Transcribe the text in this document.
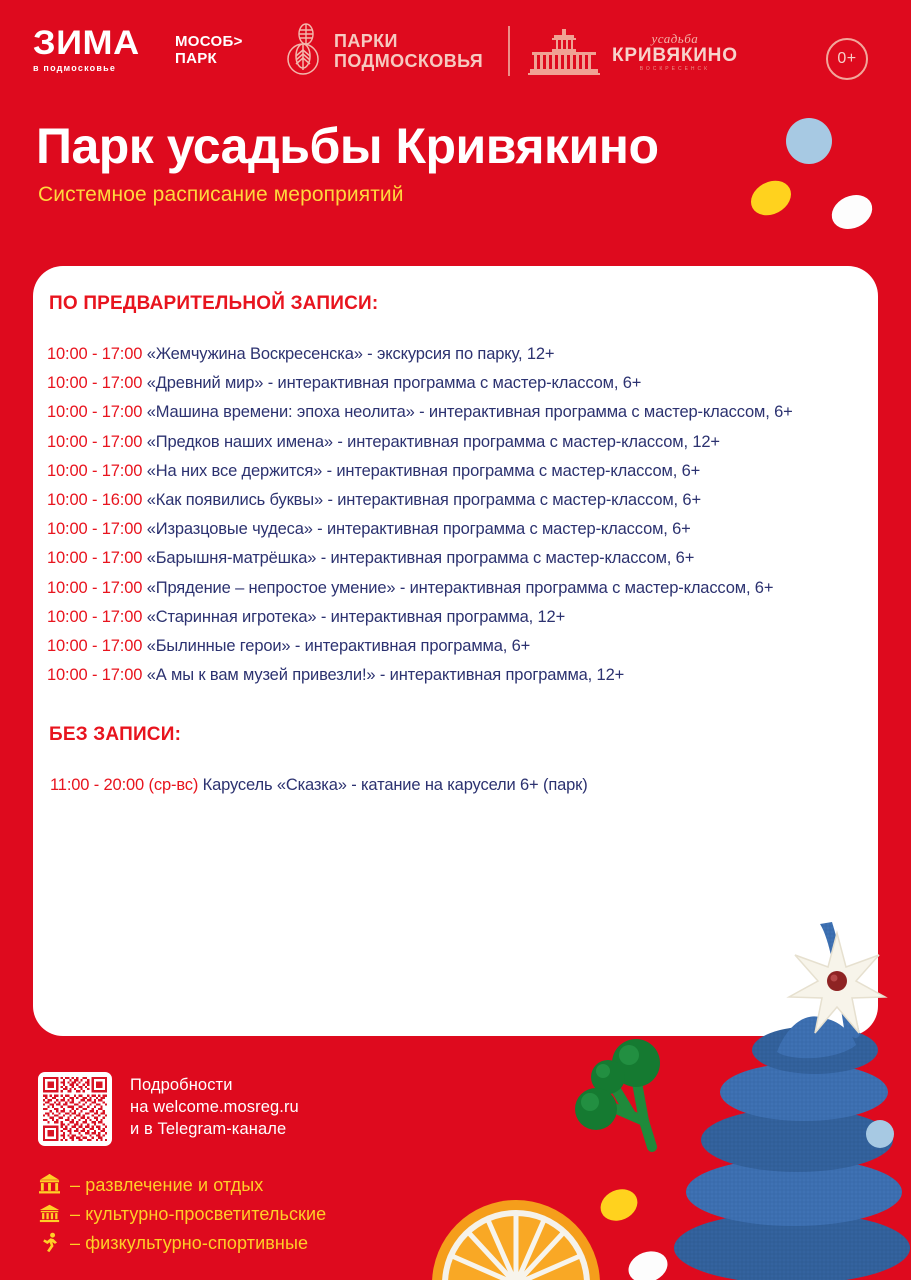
ЗИМА
в подмосковье
МОСОБ>
ПАРК
ПАРКИ
ПОДМОСКОВЬЯ
усадьба
КРИВЯКИНО
ВОСКРЕСЕНСК
0+
Парк усадьбы Кривякино

Системное расписание мероприятий

ПО ПРЕДВАРИТЕЛЬНОЙ ЗАПИСИ:

10:00 - 17:00 «Жемчужина Воскресенска» - экскурсия по парку, 12+

10:00 - 17:00 «Древний мир» - интерактивная программа с мастер-классом, 6+

10:00 - 17:00 «Машина времени: эпоха неолита» - интерактивная программа с мастер-классом, 6+

10:00 - 17:00 «Предков наших имена» - интерактивная программа с мастер-классом, 12+

10:00 - 17:00 «На них все держится» - интерактивная программа с мастер-классом, 6+

10:00 - 16:00 «Как появились буквы» - интерактивная программа с мастер-классом, 6+

10:00 - 17:00 «Изразцовые чудеса» - интерактивная программа с мастер-классом, 6+

10:00 - 17:00 «Барышня-матрёшка» - интерактивная программа с мастер-классом, 6+

10:00 - 17:00 «Прядение – непростое умение» - интерактивная программа с мастер-классом, 6+

10:00 - 17:00 «Старинная игротека» - интерактивная программа, 12+

10:00 - 17:00 «Былинные герои» - интерактивная программа, 6+

10:00 - 17:00 «А мы к вам музей привезли!» - интерактивная программа, 12+

БЕЗ ЗАПИСИ:

11:00 - 20:00 (ср-вс) Карусель «Сказка» - катание на карусели 6+ (парк)

Подробности
на welcome.mosreg.ru
и в Telegram-канале
– развлечение и отдых
– культурно-просветительские
– физкультурно-спортивные
